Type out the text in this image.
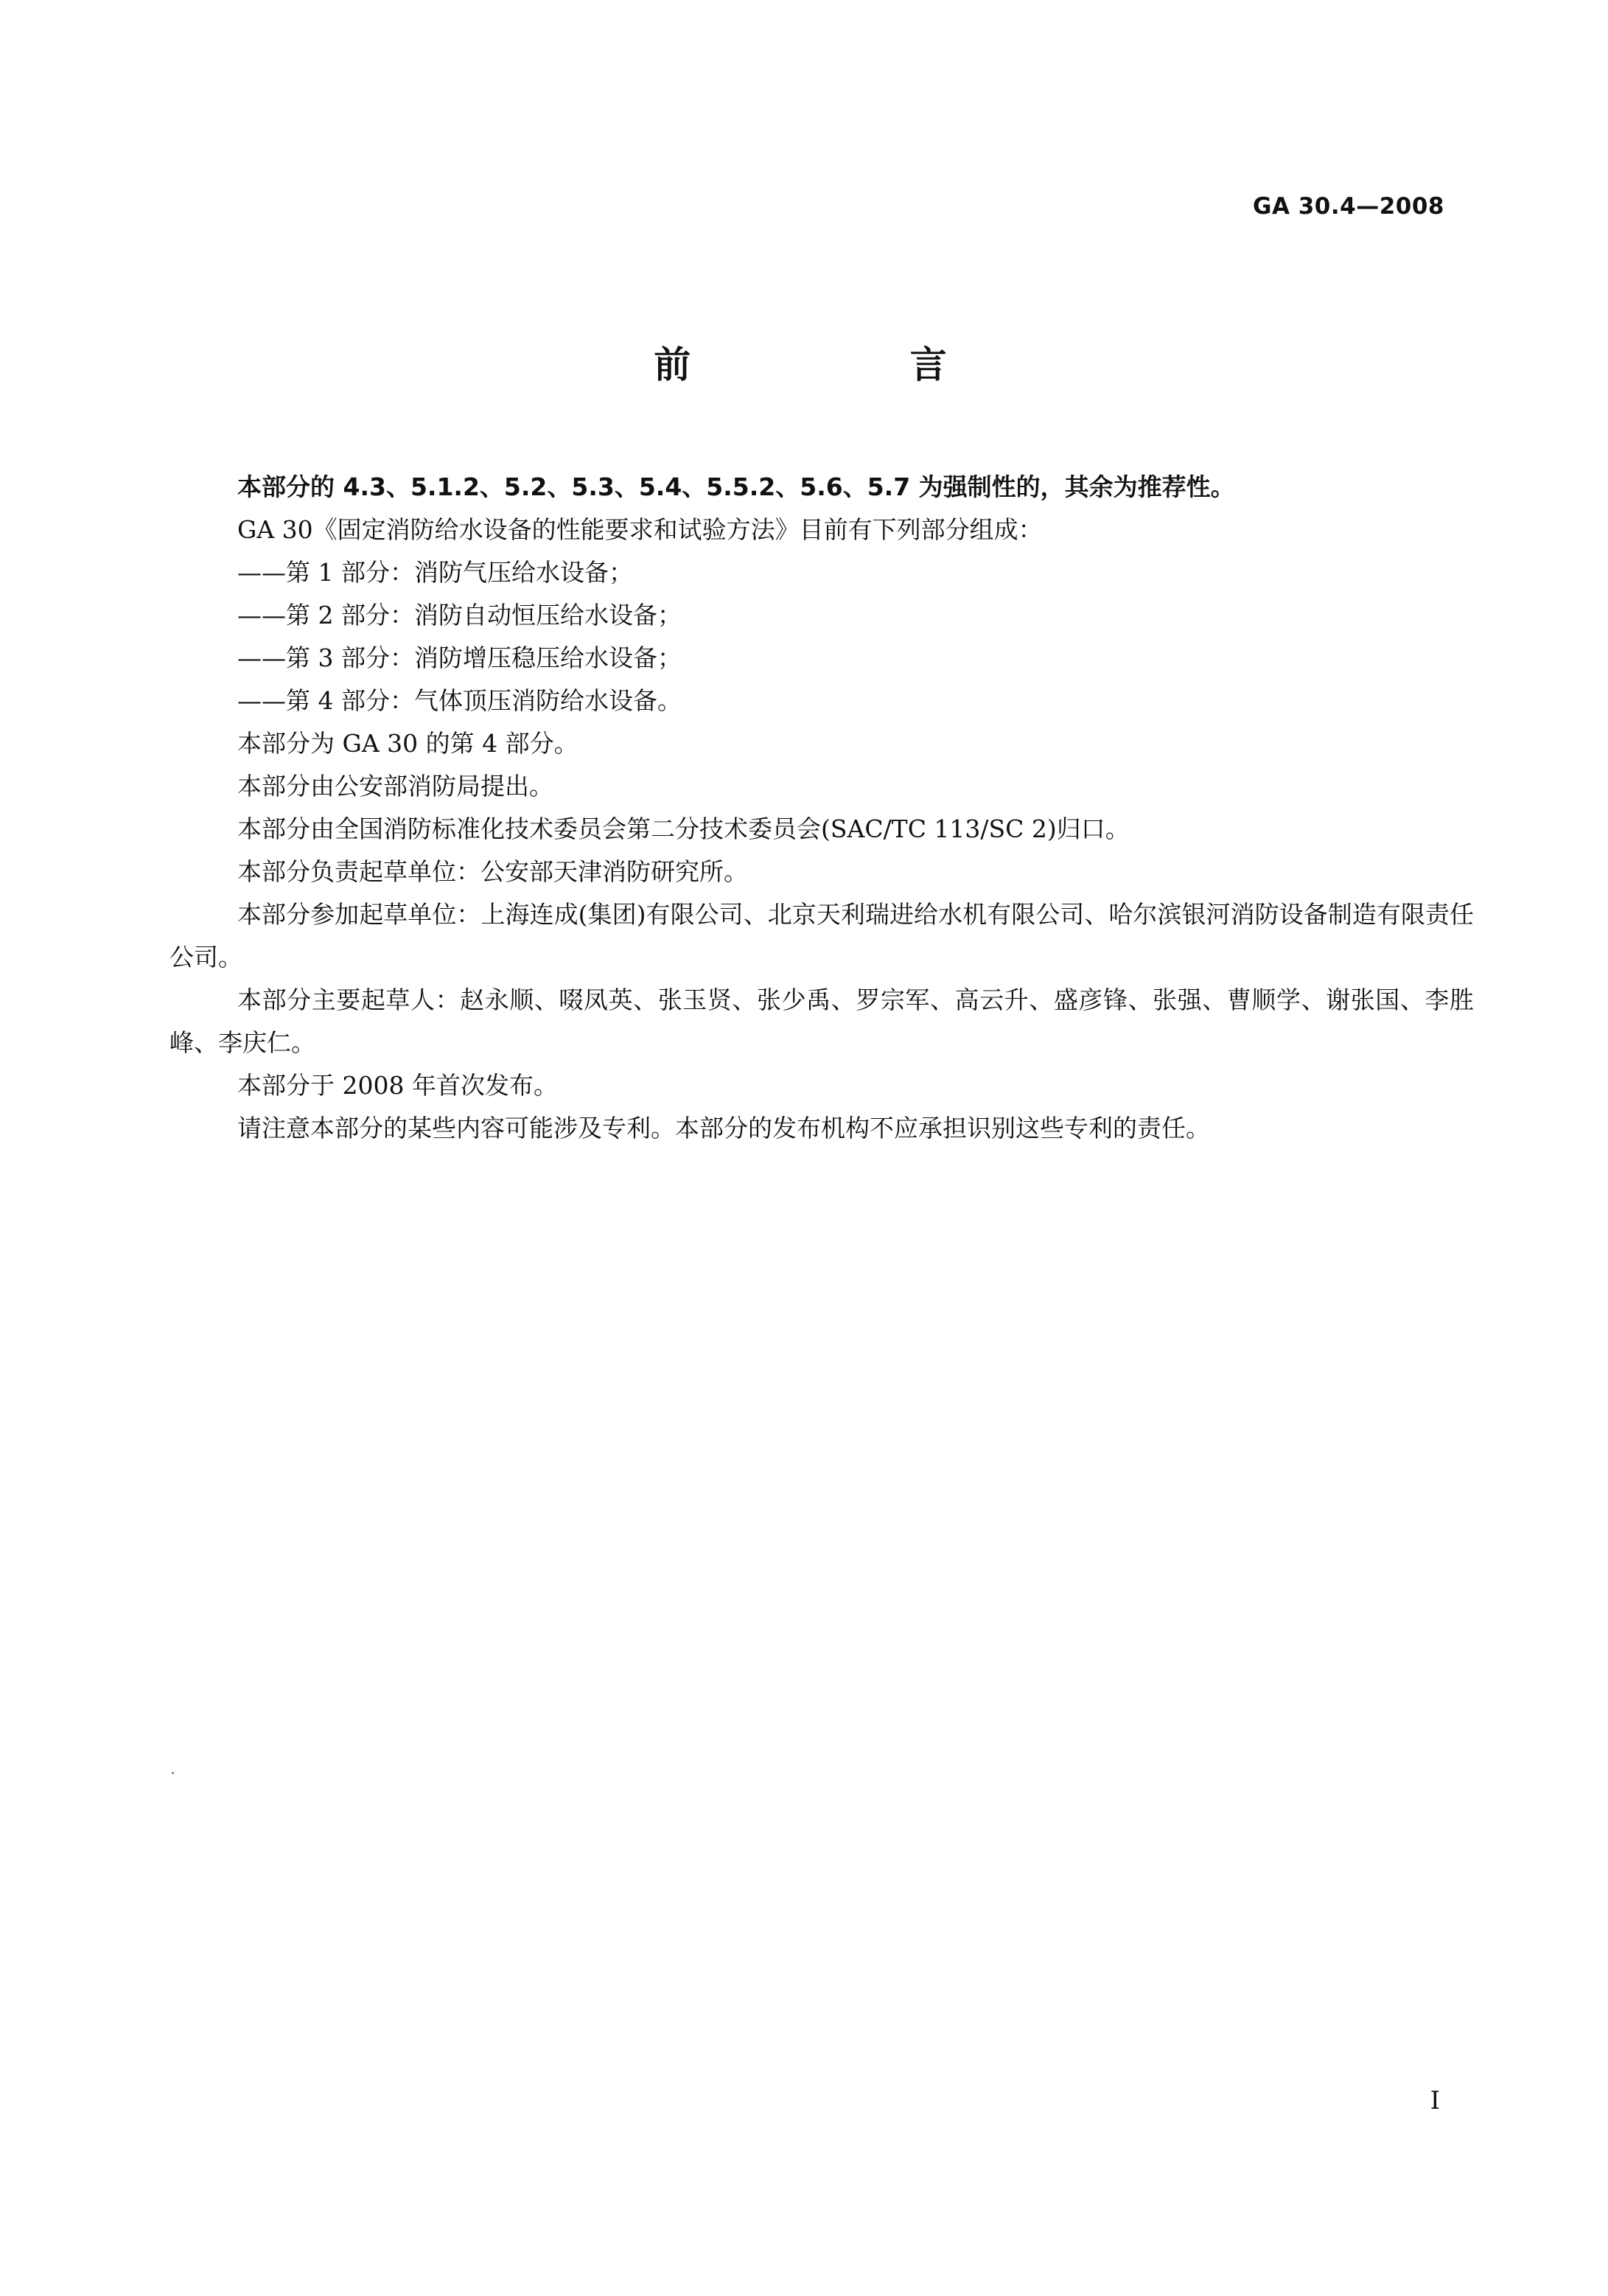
GA 30.4—2008
前 言

本部分的 4.3、5.1.2、5.2、5.3、5.4、5.5.2、5.6、5.7 为强制性的，其余为推荐性。

GA 30《固定消防给水设备的性能要求和试验方法》目前有下列部分组成：

——第 1 部分：消防气压给水设备；

——第 2 部分：消防自动恒压给水设备；

——第 3 部分：消防增压稳压给水设备；

——第 4 部分：气体顶压消防给水设备。

本部分为 GA 30 的第 4 部分。

本部分由公安部消防局提出。

本部分由全国消防标准化技术委员会第二分技术委员会(SAC/TC 113/SC 2)归口。

本部分负责起草单位：公安部天津消防研究所。

本部分参加起草单位：上海连成(集团)有限公司、北京天利瑞进给水机有限公司、哈尔滨银河消防设备制造有限责任公司。

本部分主要起草人：赵永顺、啜凤英、张玉贤、张少禹、罗宗军、高云升、盛彦锋、张强、曹顺学、谢张国、李胜峰、李庆仁。

本部分于 2008 年首次发布。

请注意本部分的某些内容可能涉及专利。本部分的发布机构不应承担识别这些专利的责任。

I
